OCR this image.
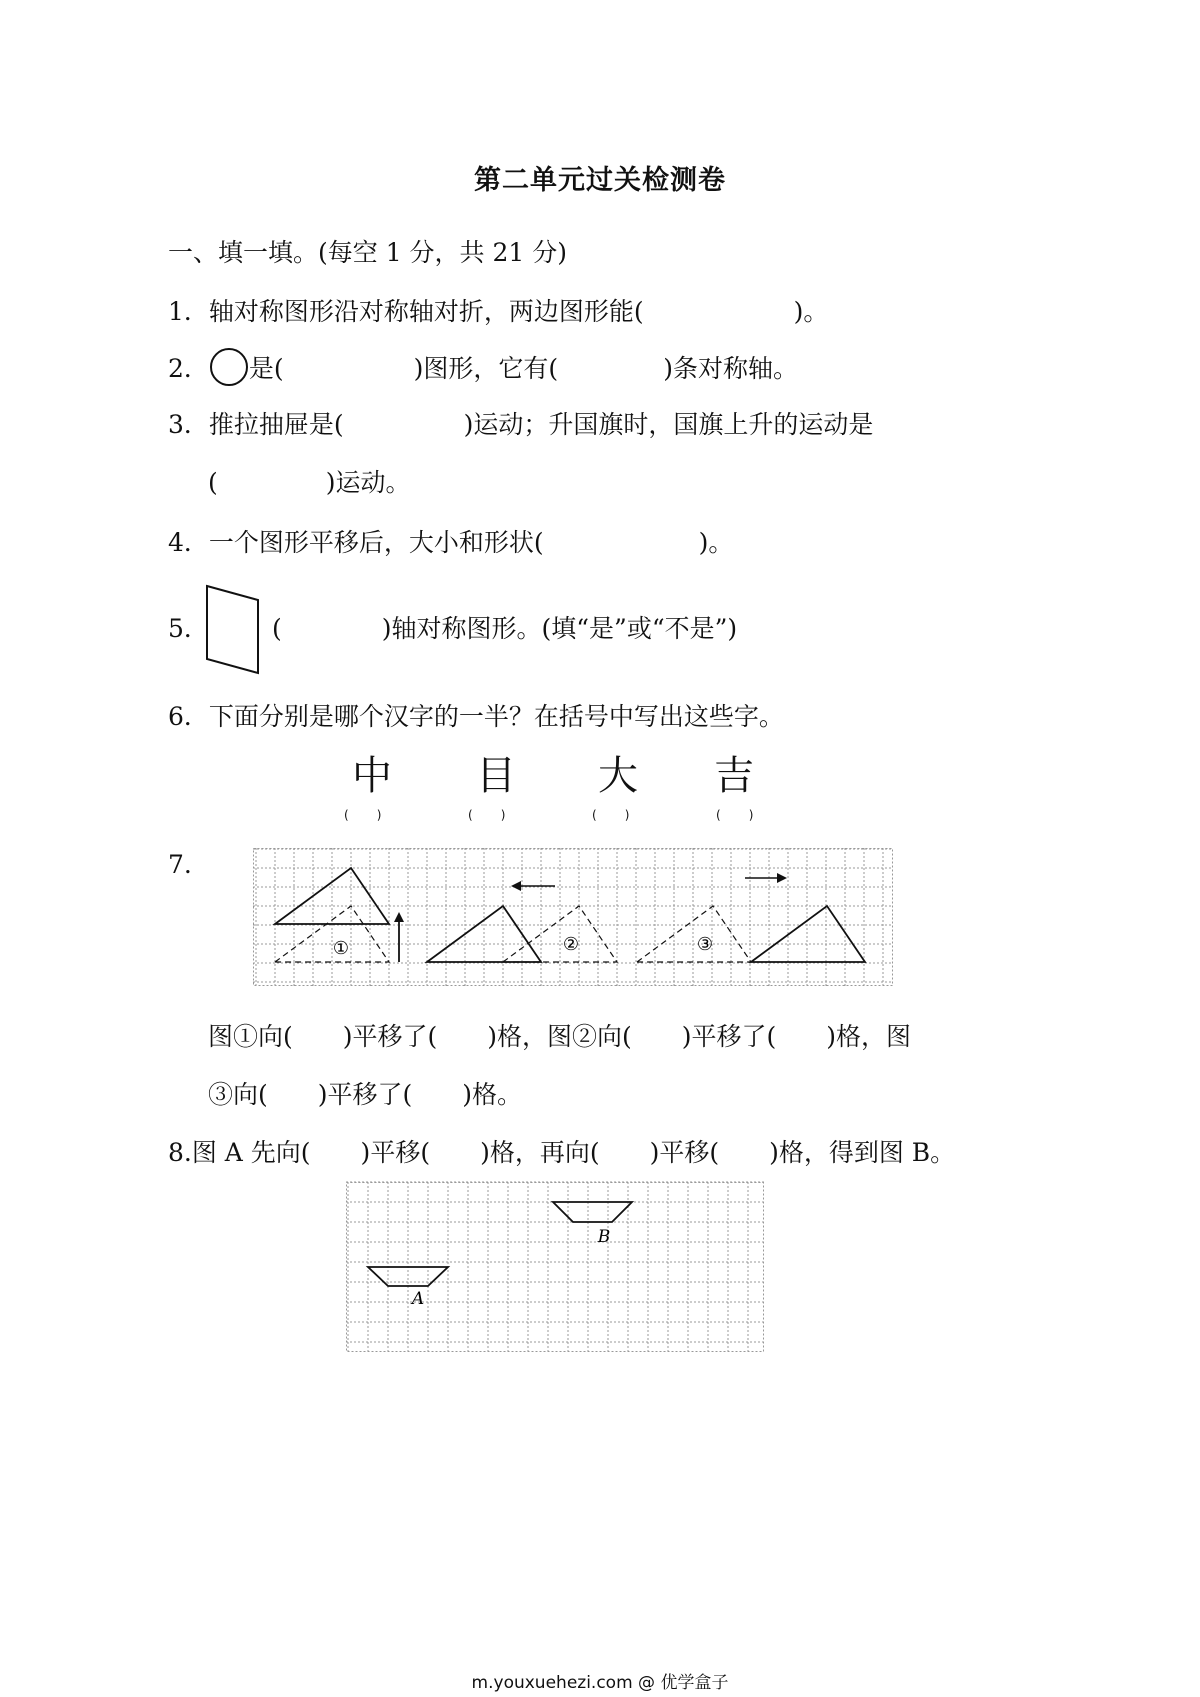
第二单元过关检测卷
一、填一填。(每空 1 分，共 21 分)
1．轴对称图形沿对称轴对折，两边图形能(	)。
2． 是(	)图形，它有(	)条对称轴。
3．推拉抽屉是(	)运动；升国旗时，国旗上升的运动是
(	)运动。
4．一个图形平移后，大小和形状(	)。
5．	(	)轴对称图形。(填“是”或“不是”)
6．下面分别是哪个汉字的一半？在括号中写出这些字。
中 目 大 吉
( )	( )	( )	( )
7.
①	②	③
图①向(　　)平移了(　　)格，图②向(　　)平移了(　　)格，图
③向(　　)平移了(　　)格。
8.图 A 先向(　　)平移(　　)格，再向(　　)平移(　　)格，得到图 B。
B
A
m.youxuehezi.com @ 优学盒子
